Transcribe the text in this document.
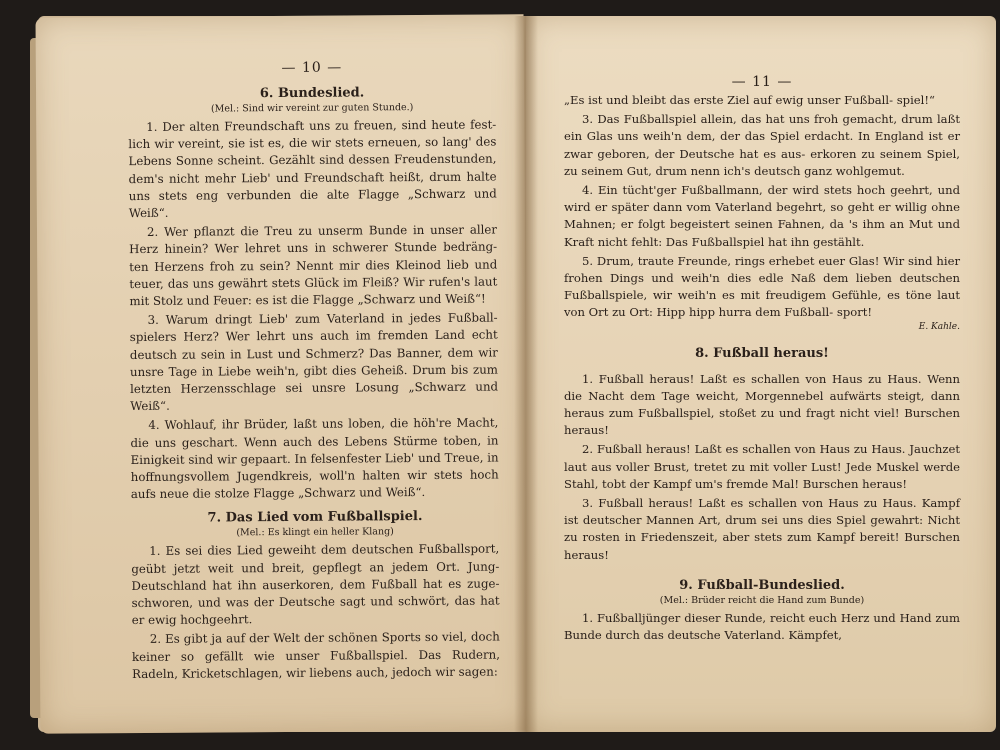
— 10 —
6. Bundeslied.
(Mel.: Sind wir vereint zur guten Stunde.)

1. Der alten Freundschaft uns zu freuen, sind heute fest- lich wir vereint, sie ist es, die wir stets erneuen, so lang' des Lebens Sonne scheint. Gezählt sind dessen Freudenstunden, dem's nicht mehr Lieb' und Freundschaft heißt, drum halte uns stets eng verbunden die alte Flagge „Schwarz und Weiß“.

2. Wer pflanzt die Treu zu unserm Bunde in unser aller Herz hinein? Wer lehret uns in schwerer Stunde bedräng- ten Herzens froh zu sein? Nennt mir dies Kleinod lieb und teuer, das uns gewährt stets Glück im Fleiß? Wir rufen's laut mit Stolz und Feuer: es ist die Flagge „Schwarz und Weiß“!

3. Warum dringt Lieb' zum Vaterland in jedes Fußball- spielers Herz? Wer lehrt uns auch im fremden Land echt deutsch zu sein in Lust und Schmerz? Das Banner, dem wir unsre Tage in Liebe weih'n, gibt dies Geheiß. Drum bis zum letzten Herzensschlage sei unsre Losung „Schwarz und Weiß“.

4. Wohlauf, ihr Brüder, laßt uns loben, die höh're Macht, die uns geschart. Wenn auch des Lebens Stürme toben, in Einigkeit sind wir gepaart. In felsenfester Lieb' und Treue, in hoffnungsvollem Jugendkreis, woll'n halten wir stets hoch aufs neue die stolze Flagge „Schwarz und Weiß“.

7. Das Lied vom Fußballspiel.
(Mel.: Es klingt ein heller Klang)

1. Es sei dies Lied geweiht dem deutschen Fußballsport, geübt jetzt weit und breit, gepflegt an jedem Ort. Jung- Deutschland hat ihn auserkoren, dem Fußball hat es zuge- schworen, und was der Deutsche sagt und schwört, das hat er ewig hochgeehrt.

2. Es gibt ja auf der Welt der schönen Sports so viel, doch keiner so gefällt wie unser Fußballspiel. Das Rudern, Radeln, Kricketschlagen, wir liebens auch, jedoch wir sagen:

— 11 —

„Es ist und bleibt das erste Ziel auf ewig unser Fußball- spiel!“

3. Das Fußballspiel allein, das hat uns froh gemacht, drum laßt ein Glas uns weih'n dem, der das Spiel erdacht. In England ist er zwar geboren, der Deutsche hat es aus- erkoren zu seinem Spiel, zu seinem Gut, drum nenn ich's deutsch ganz wohlgemut.

4. Ein tücht'ger Fußballmann, der wird stets hoch geehrt, und wird er später dann vom Vaterland begehrt, so geht er willig ohne Mahnen; er folgt begeistert seinen Fahnen, da 's ihm an Mut und Kraft nicht fehlt: Das Fußballspiel hat ihn gestählt.

5. Drum, traute Freunde, rings erhebet euer Glas! Wir sind hier frohen Dings und weih'n dies edle Naß dem lieben deutschen Fußballspiele, wir weih'n es mit freudigem Gefühle, es töne laut von Ort zu Ort: Hipp hipp hurra dem Fußball- sport!

E. Kahle.
8. Fußball heraus!

1. Fußball heraus! Laßt es schallen von Haus zu Haus. Wenn die Nacht dem Tage weicht, Morgennebel aufwärts steigt, dann heraus zum Fußballspiel, stoßet zu und fragt nicht viel! Burschen heraus!

2. Fußball heraus! Laßt es schallen von Haus zu Haus. Jauchzet laut aus voller Brust, tretet zu mit voller Lust! Jede Muskel werde Stahl, tobt der Kampf um's fremde Mal! Burschen heraus!

3. Fußball heraus! Laßt es schallen von Haus zu Haus. Kampf ist deutscher Mannen Art, drum sei uns dies Spiel gewahrt: Nicht zu rosten in Friedenszeit, aber stets zum Kampf bereit! Burschen heraus!

9. Fußball-Bundeslied.
(Mel.: Brüder reicht die Hand zum Bunde)

1. Fußballjünger dieser Runde, reicht euch Herz und Hand zum Bunde durch das deutsche Vaterland. Kämpfet,
